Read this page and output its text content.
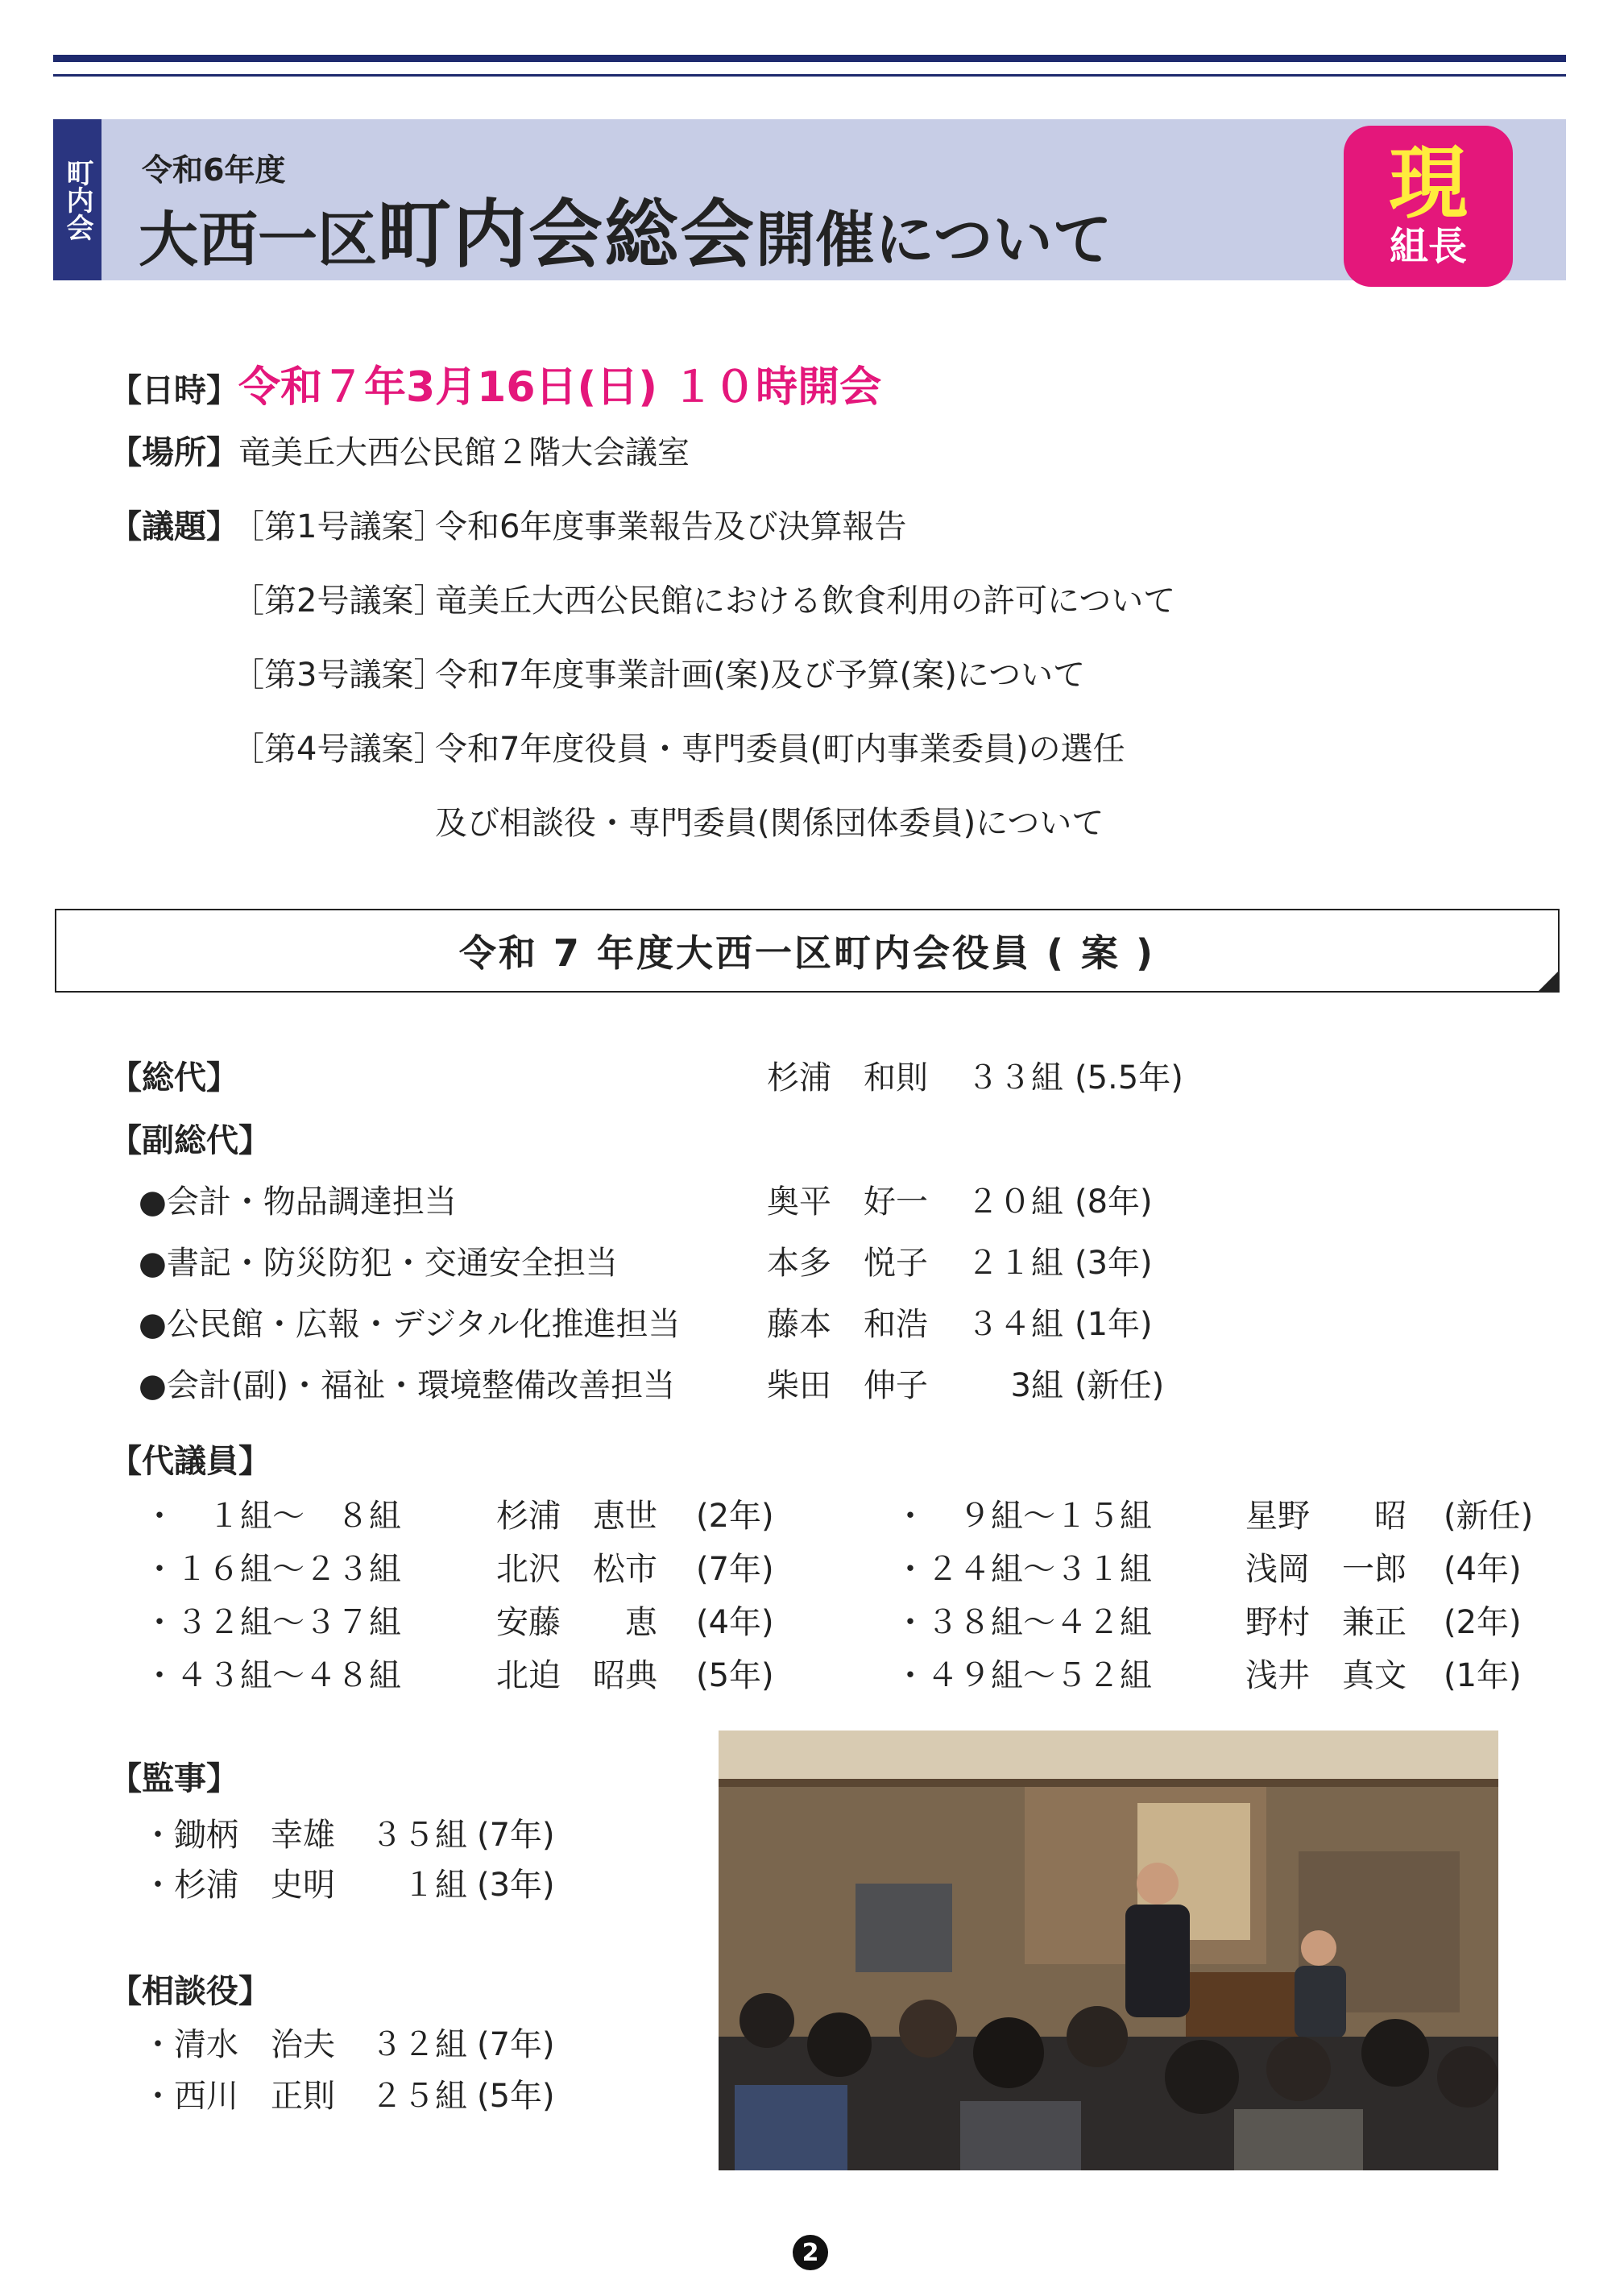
町内会 令和6年度
大西一区町内会総会開催について
現
組長
【日時】令和７年3月16日(日) １０時開会
【場所】竜美丘大西公民館２階大会議室
【議題】
［第1号議案］
令和6年度事業報告及び決算報告
［第2号議案］
竜美丘大西公民館における飲食利用の許可について
［第3号議案］
令和7年度事業計画(案)及び予算(案)について
［第4号議案］
令和7年度役員・専門委員(町内事業委員)の選任
及び相談役・専門委員(関係団体委員)について
令和 7 年度大西一区町内会役員 ( 案 )
【総代】	杉浦　和則 ３３組 (5.5年)
【副総代】
●会計・物品調達担当	奥平　好一 ２０組 (8年)
●書記・防災防犯・交通安全担当	本多　悦子 ２１組 (3年)
●公民館・広報・デジタル化推進担当	藤本　和浩 ３４組 (1年)
●会計(副)・福祉・環境整備改善担当	柴田　伸子	3組 (新任)
【代議員】
・　１組～　８組	杉浦　恵世 (2年)
・１６組～２３組	北沢　松市 (7年)
・３２組～３７組	安藤　　恵 (4年)
・４３組～４８組	北迫　昭典 (5年)
・　９組～１５組	星野　　昭 (新任)
・２４組～３１組	浅岡　一郎 (4年)
・３８組～４２組	野村　兼正 (2年)
・４９組～５２組	浅井　真文 (1年)
【監事】
・鋤柄　幸雄	３５組 (7年)
・杉浦　史明	１組 (3年)
【相談役】
・清水　治夫	３２組 (7年)
・西川　正則	２５組 (5年)
2
